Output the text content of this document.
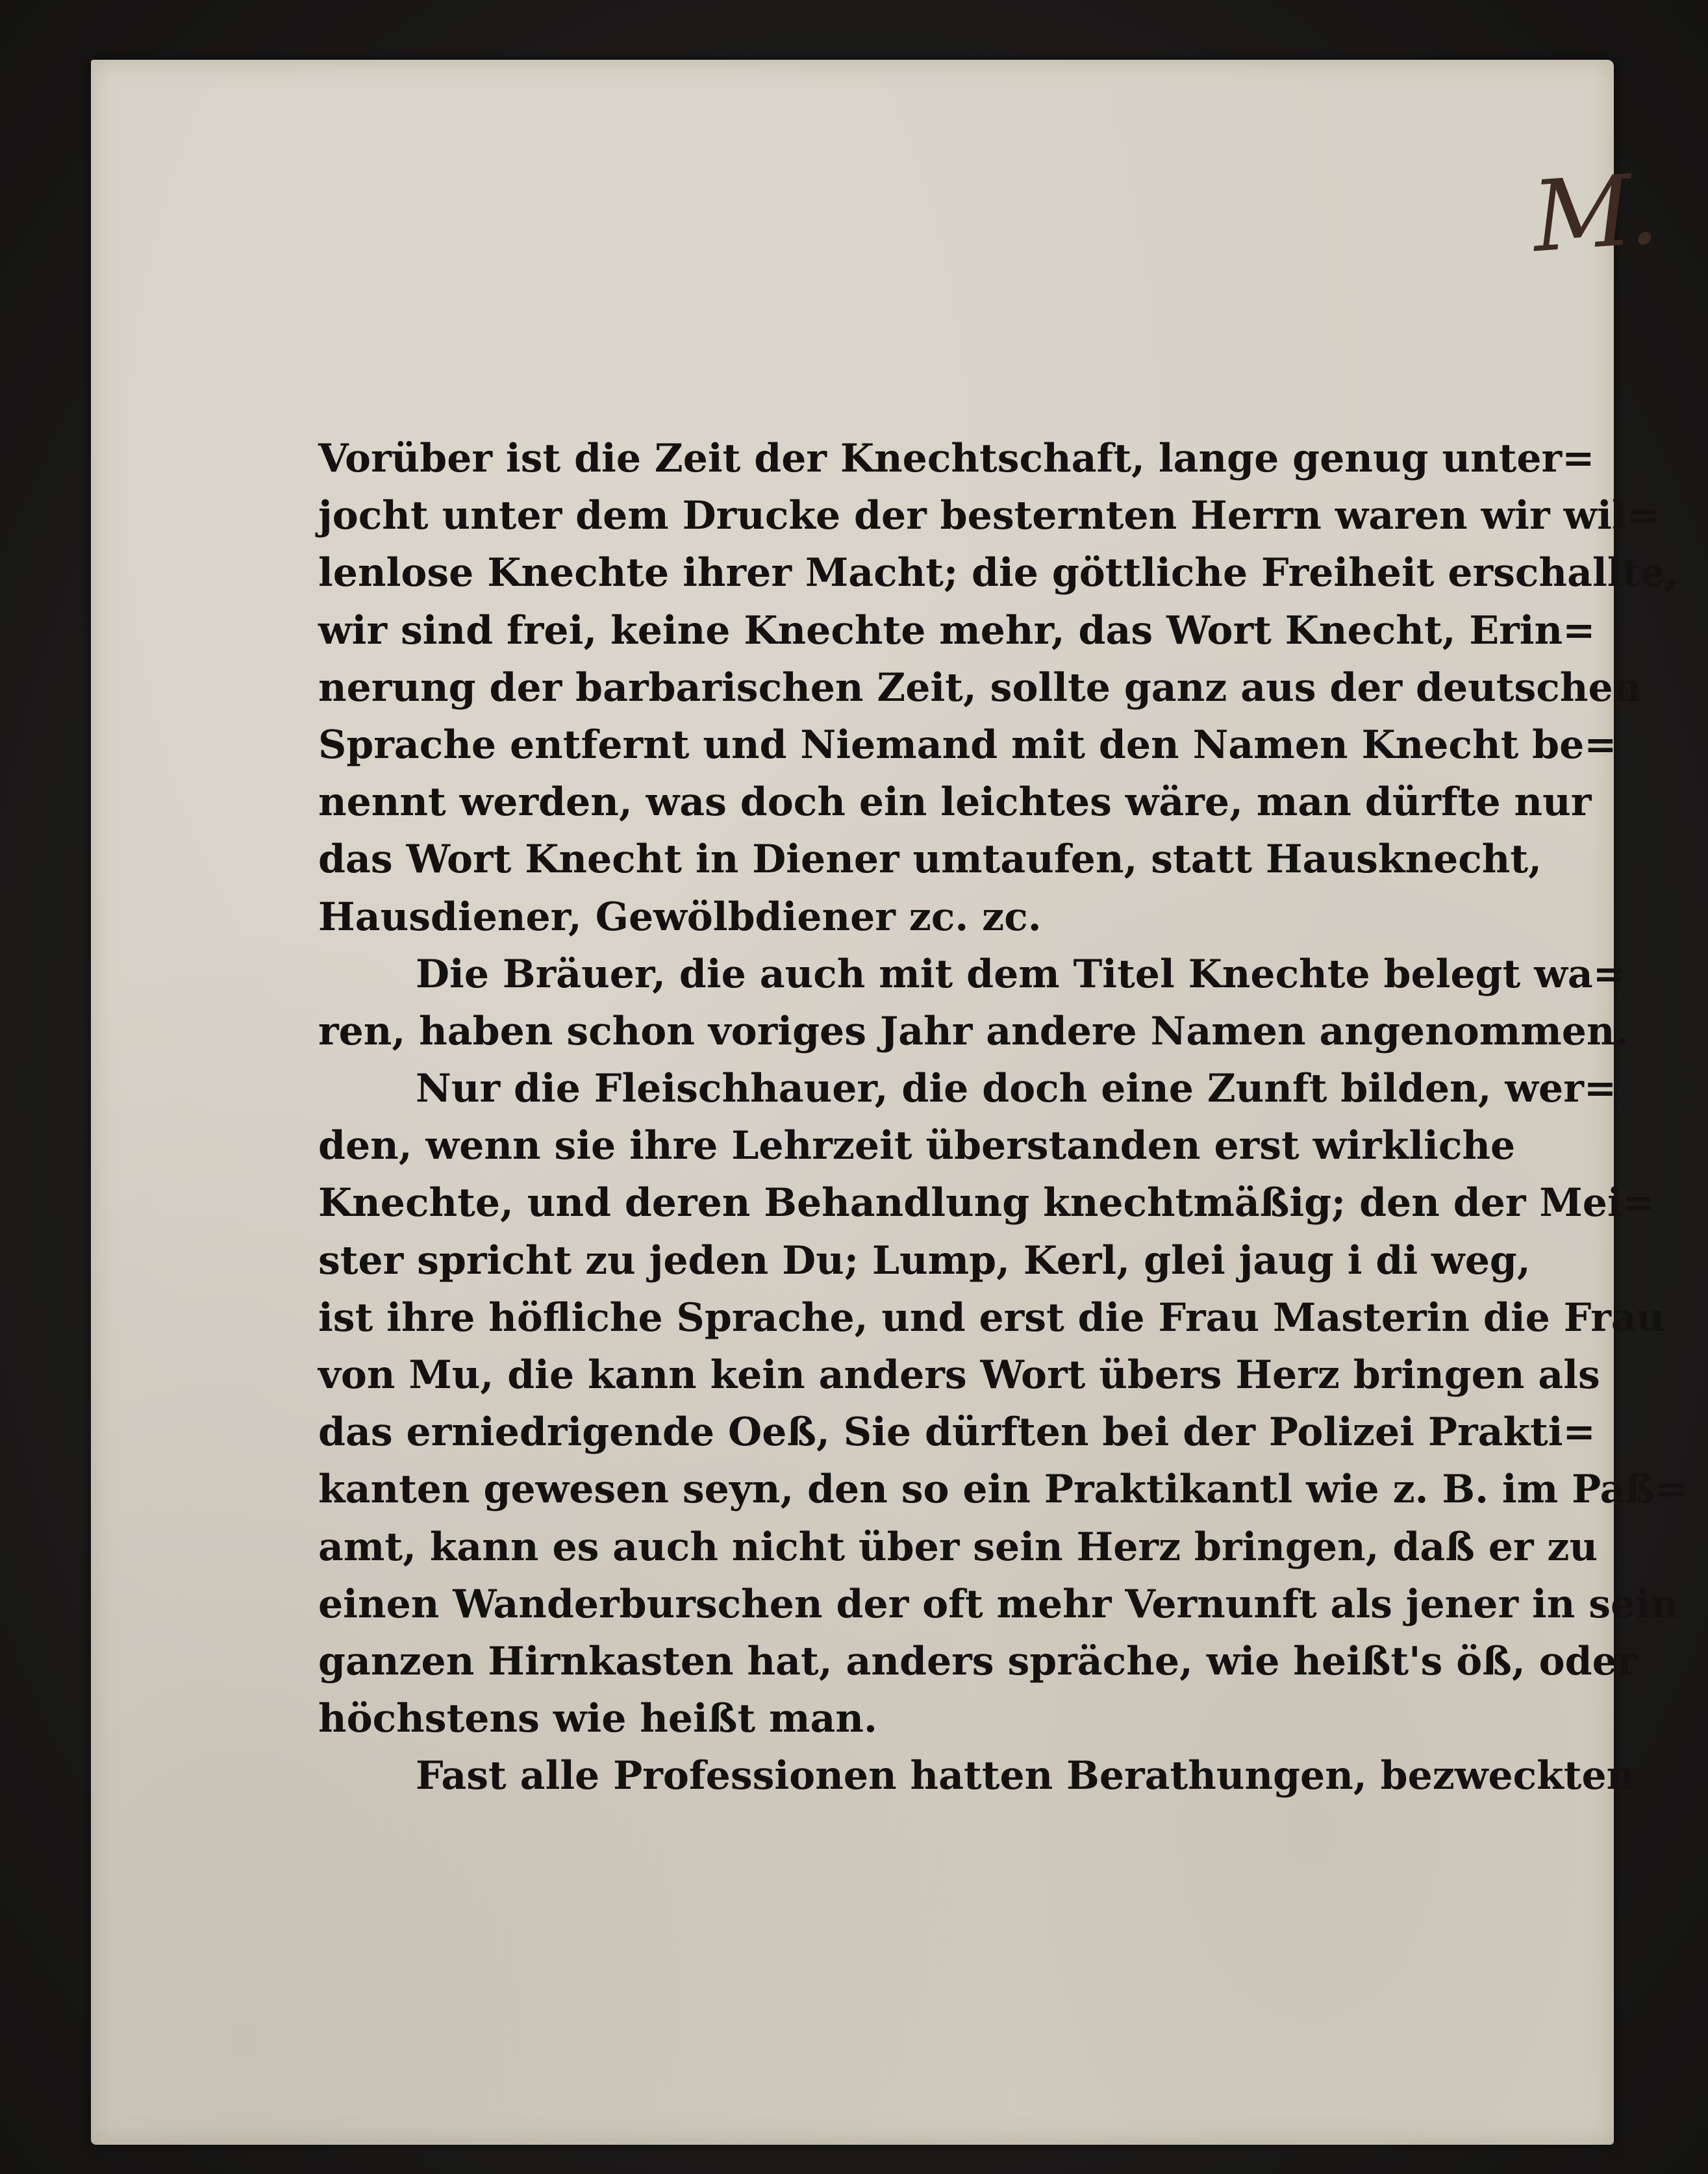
M.
Vorüber ist die Zeit der Knechtschaft, lange genug unter=
jocht unter dem Drucke der besternten Herrn waren wir wil=
lenlose Knechte ihrer Macht; die göttliche Freiheit erschallte,
wir sind frei, keine Knechte mehr, das Wort Knecht, Erin=
nerung der barbarischen Zeit, sollte ganz aus der deutschen
Sprache entfernt und Niemand mit den Namen Knecht be=
nennt werden, was doch ein leichtes wäre, man dürfte nur
das Wort Knecht in Diener umtaufen, statt Hausknecht,
Hausdiener, Gewölbdiener zc. zc.
Die Bräuer, die auch mit dem Titel Knechte belegt wa=
ren, haben schon voriges Jahr andere Namen angenommen.
Nur die Fleischhauer, die doch eine Zunft bilden, wer=
den, wenn sie ihre Lehrzeit überstanden erst wirkliche
Knechte, und deren Behandlung knechtmäßig; den der Mei=
ster spricht zu jeden Du; Lump, Kerl, glei jaug i di weg,
ist ihre höfliche Sprache, und erst die Frau Masterin die Frau
von Mu, die kann kein anders Wort übers Herz bringen als
das erniedrigende Oeß, Sie dürften bei der Polizei Prakti=
kanten gewesen seyn, den so ein Praktikantl wie z. B. im Paß=
amt, kann es auch nicht über sein Herz bringen, daß er zu
einen Wanderburschen der oft mehr Vernunft als jener in sein
ganzen Hirnkasten hat, anders spräche, wie heißt's öß, oder
höchstens wie heißt man.
Fast alle Professionen hatten Berathungen, bezweckten
